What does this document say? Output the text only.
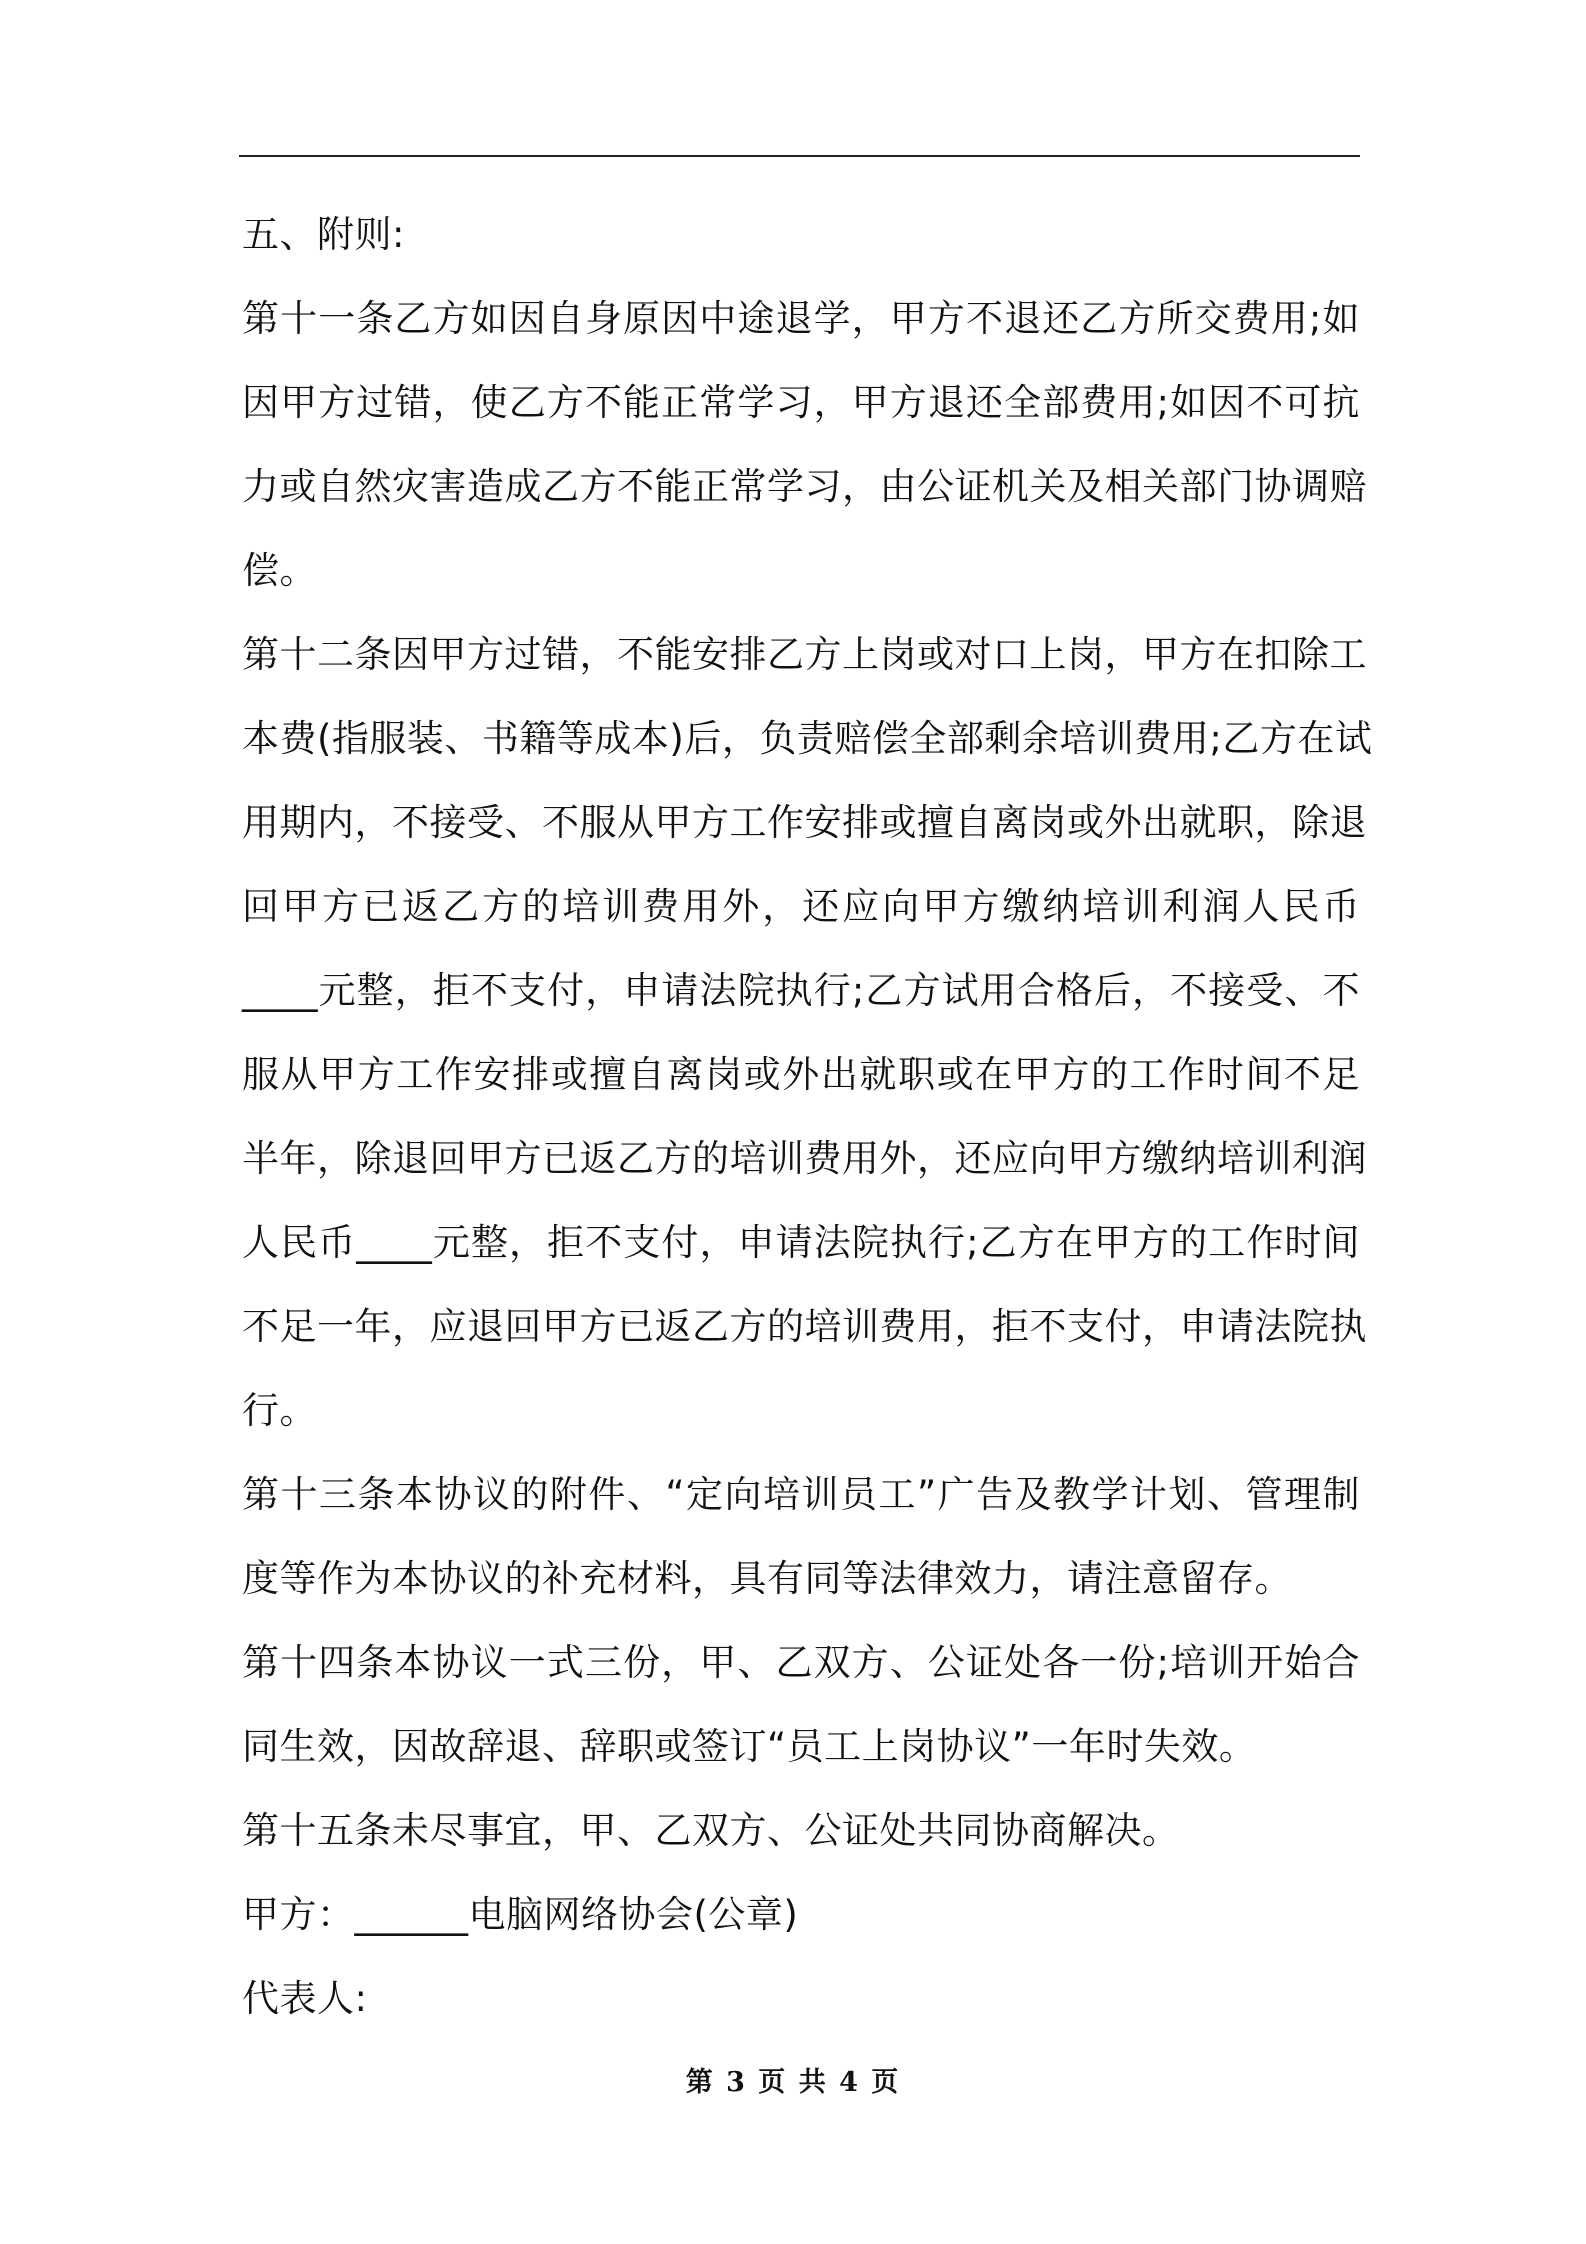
五、附则:
第十一条乙方如因自身原因中途退学，甲方不退还乙方所交费用;如
因甲方过错，使乙方不能正常学习，甲方退还全部费用;如因不可抗
力或自然灾害造成乙方不能正常学习，由公证机关及相关部门协调赔
偿。
第十二条因甲方过错，不能安排乙方上岗或对口上岗，甲方在扣除工
本费(指服装、书籍等成本)后，负责赔偿全部剩余培训费用;乙方在试
用期内，不接受、不服从甲方工作安排或擅自离岗或外出就职，除退
回甲方已返乙方的培训费用外，还应向甲方缴纳培训利润人民币
____元整，拒不支付，申请法院执行;乙方试用合格后，不接受、不
服从甲方工作安排或擅自离岗或外出就职或在甲方的工作时间不足
半年，除退回甲方已返乙方的培训费用外，还应向甲方缴纳培训利润
人民币____元整，拒不支付，申请法院执行;乙方在甲方的工作时间
不足一年，应退回甲方已返乙方的培训费用，拒不支付，申请法院执
行。
第十三条本协议的附件、“定向培训员工”广告及教学计划、管理制
度等作为本协议的补充材料，具有同等法律效力，请注意留存。
第十四条本协议一式三份，甲、乙双方、公证处各一份;培训开始合
同生效，因故辞退、辞职或签订“员工上岗协议”一年时失效。
第十五条未尽事宜，甲、乙双方、公证处共同协商解决。
甲方：______电脑网络协会(公章)
代表人:
第 3 页 共 4 页
